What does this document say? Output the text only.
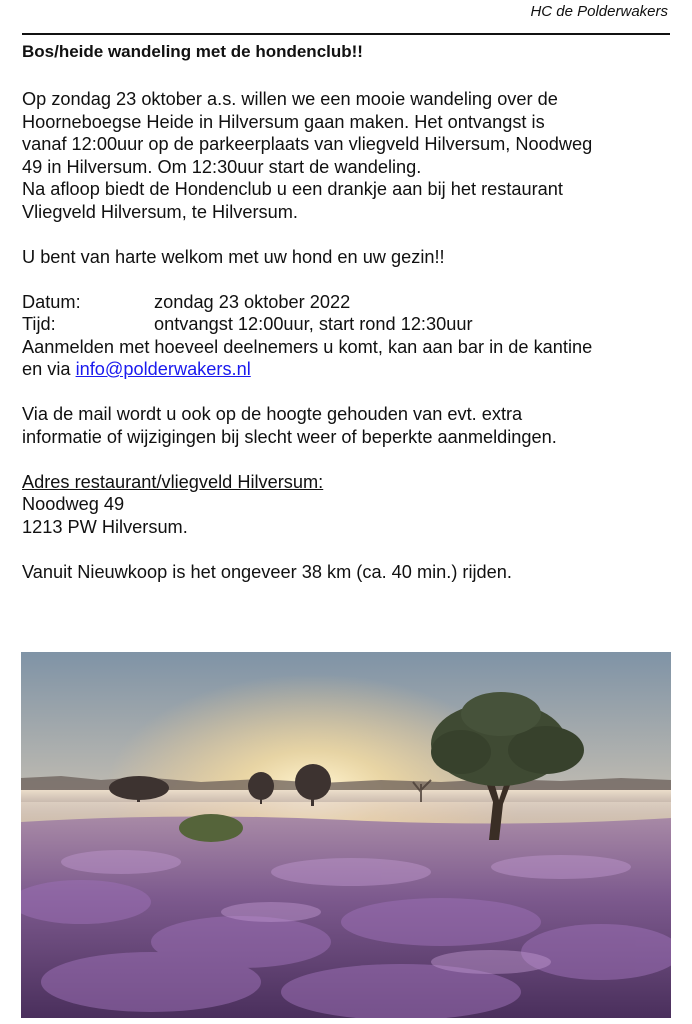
HC de Polderwakers
Bos/heide wandeling met de hondenclub!!

Op zondag 23 oktober a.s. willen we een mooie wandeling over de

Hoorneboegse Heide in Hilversum gaan maken. Het ontvangst is

vanaf 12:00uur op de parkeerplaats van vliegveld Hilversum, Noodweg

49 in Hilversum. Om 12:30uur start de wandeling.

Na afloop biedt de Hondenclub u een drankje aan bij het restaurant

Vliegveld Hilversum, te Hilversum.

U bent van harte welkom met uw hond en uw gezin!!

Datum:	zondag 23 oktober 2022
Tijd:	ontvangst 12:00uur, start rond 12:30uur

Aanmelden met hoeveel deelnemers u komt, kan aan bar in de kantine

en via info@polderwakers.nl

Via de mail wordt u ook op de hoogte gehouden van evt. extra

informatie of wijzigingen bij slecht weer of beperkte aanmeldingen.

Adres restaurant/vliegveld Hilversum:

Noodweg 49

1213 PW Hilversum.

Vanuit Nieuwkoop is het ongeveer 38 km (ca. 40 min.) rijden.
